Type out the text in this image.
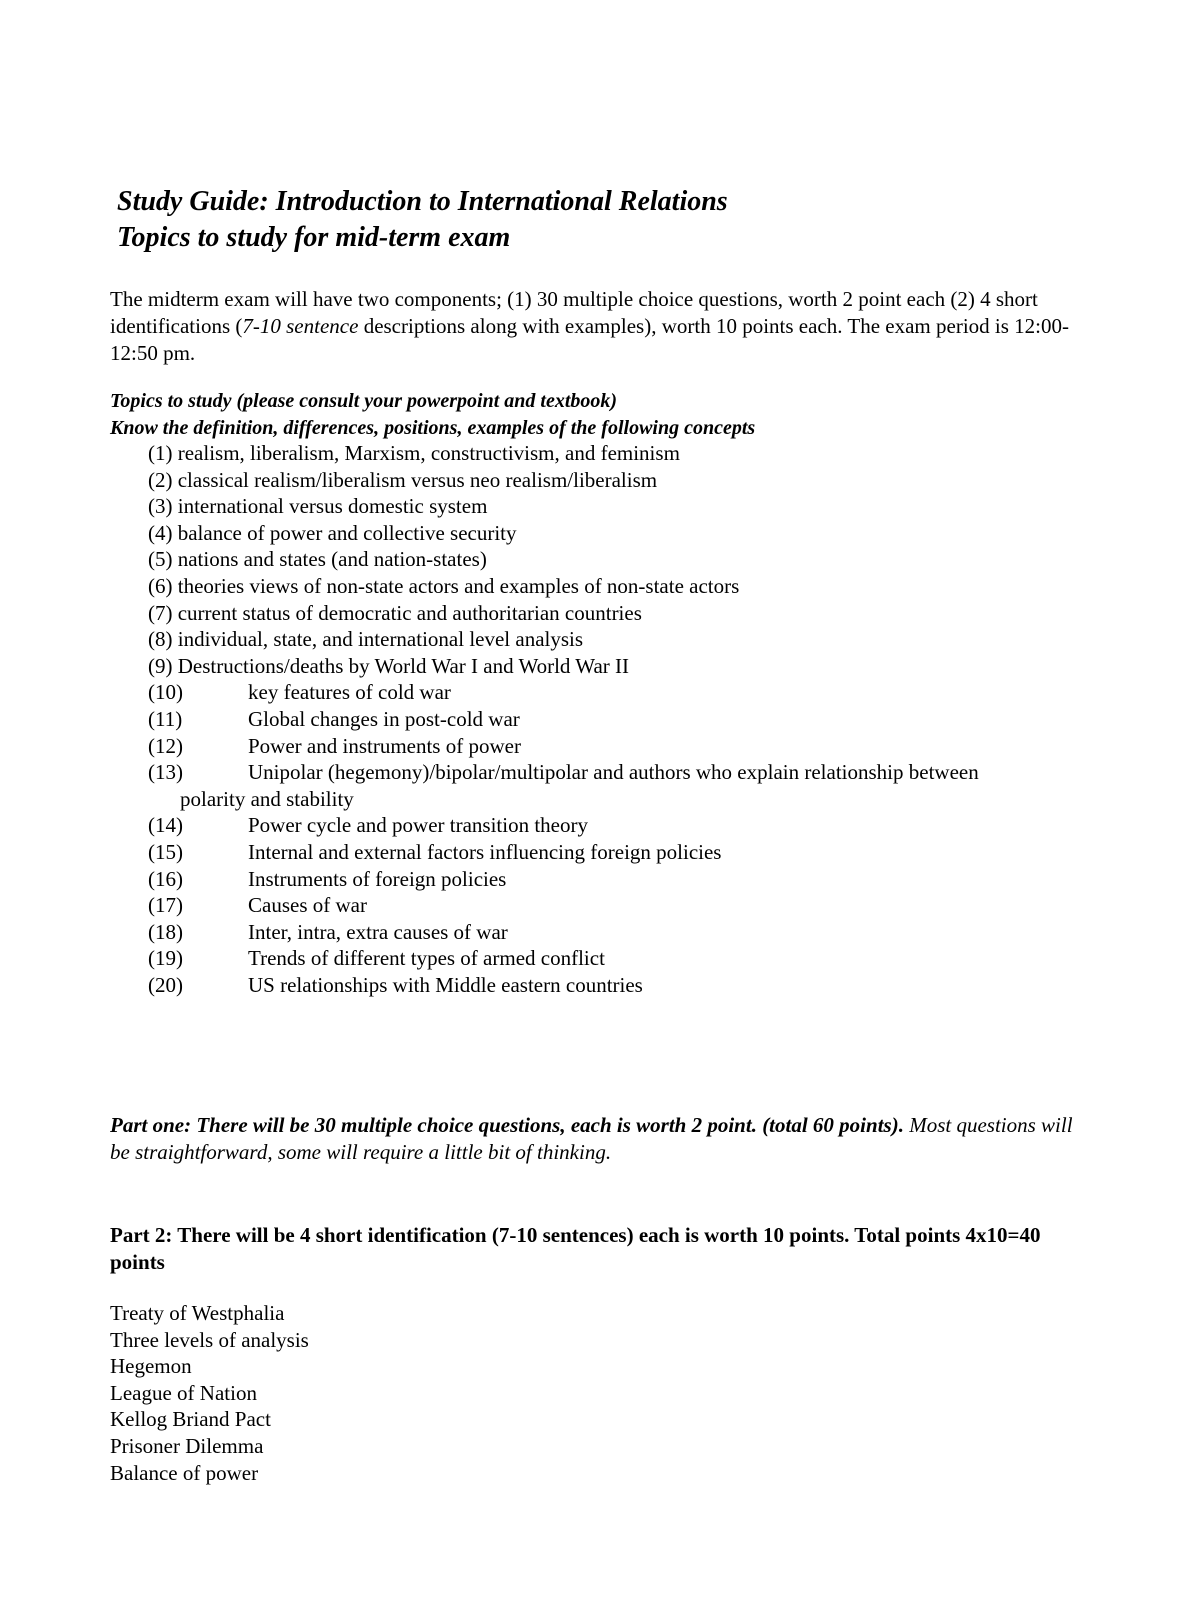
Study Guide: Introduction to International Relations
Topics to study for mid-term exam
The midterm exam will have two components; (1) 30 multiple choice questions, worth 2 point each (2) 4 short identifications (7-10 sentence descriptions along with examples), worth 10 points each. The exam period is 12:00-12:50 pm.
Topics to study (please consult your powerpoint and textbook)
Know the definition, differences, positions, examples of the following concepts
(1) realism, liberalism, Marxism, constructivism, and feminism
(2) classical realism/liberalism versus neo realism/liberalism
(3) international versus domestic system
(4) balance of power and collective security
(5) nations and states (and nation-states)
(6) theories views of non-state actors and examples of non-state actors
(7) current status of democratic and authoritarian countries
(8) individual, state, and international level analysis
(9) Destructions/deaths by World War I and World War II
(10)	key features of cold war
(11)	Global changes in post-cold war
(12)	Power and instruments of power
(13)	Unipolar (hegemony)/bipolar/multipolar and authors who explain relationship between
polarity and stability
(14)	Power cycle and power transition theory
(15)	Internal and external factors influencing foreign policies
(16)	Instruments of foreign policies
(17)	Causes of war
(18)	Inter, intra, extra causes of war
(19)	Trends of different types of armed conflict
(20)	US relationships with Middle eastern countries
Part one: There will be 30 multiple choice questions, each is worth 2 point. (total 60 points). Most questions will be straightforward, some will require a little bit of thinking.
Part 2: There will be 4 short identification (7-10 sentences) each is worth 10 points. Total points 4x10=40 points
Treaty of Westphalia
Three levels of analysis
Hegemon
League of Nation
Kellog Briand Pact
Prisoner Dilemma
Balance of power
